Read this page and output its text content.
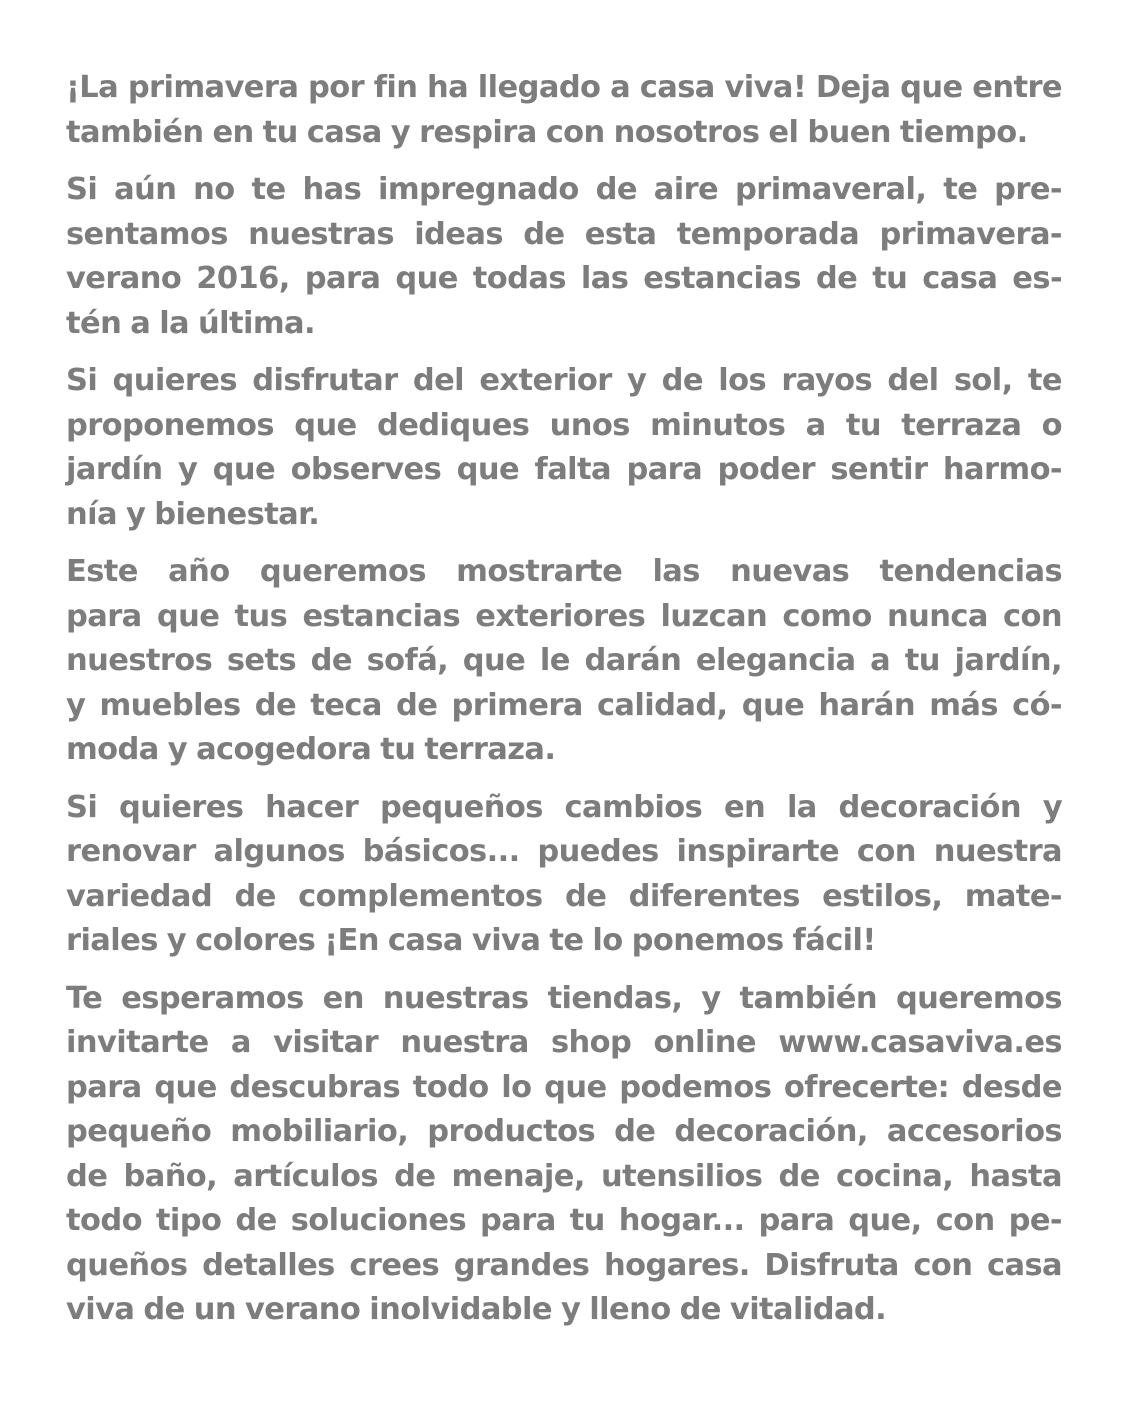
¡La primavera por fin ha llegado a casa viva! Deja que entre
también en tu casa y respira con nosotros el buen tiempo.
Si aún no te has impregnado de aire primaveral, te pre-
sentamos nuestras ideas de esta temporada primavera-
verano 2016, para que todas las estancias de tu casa es-
tén a la última.
Si quieres disfrutar del exterior y de los rayos del sol, te
proponemos que dediques unos minutos a tu terraza o
jardín y que observes que falta para poder sentir harmo-
nía y bienestar.
Este año queremos mostrarte las nuevas tendencias
para que tus estancias exteriores luzcan como nunca con
nuestros sets de sofá, que le darán elegancia a tu jardín,
y muebles de teca de primera calidad, que harán más có-
moda y acogedora tu terraza.
Si quieres hacer pequeños cambios en la decoración y
renovar algunos básicos... puedes inspirarte con nuestra
variedad de complementos de diferentes estilos, mate-
riales y colores ¡En casa viva te lo ponemos fácil!
Te esperamos en nuestras tiendas, y también queremos
invitarte a visitar nuestra shop online www.casaviva.es
para que descubras todo lo que podemos ofrecerte: desde
pequeño mobiliario, productos de decoración, accesorios
de baño, artículos de menaje, utensilios de cocina, hasta
todo tipo de soluciones para tu hogar... para que, con pe-
queños detalles crees grandes hogares. Disfruta con casa
viva de un verano inolvidable y lleno de vitalidad.
